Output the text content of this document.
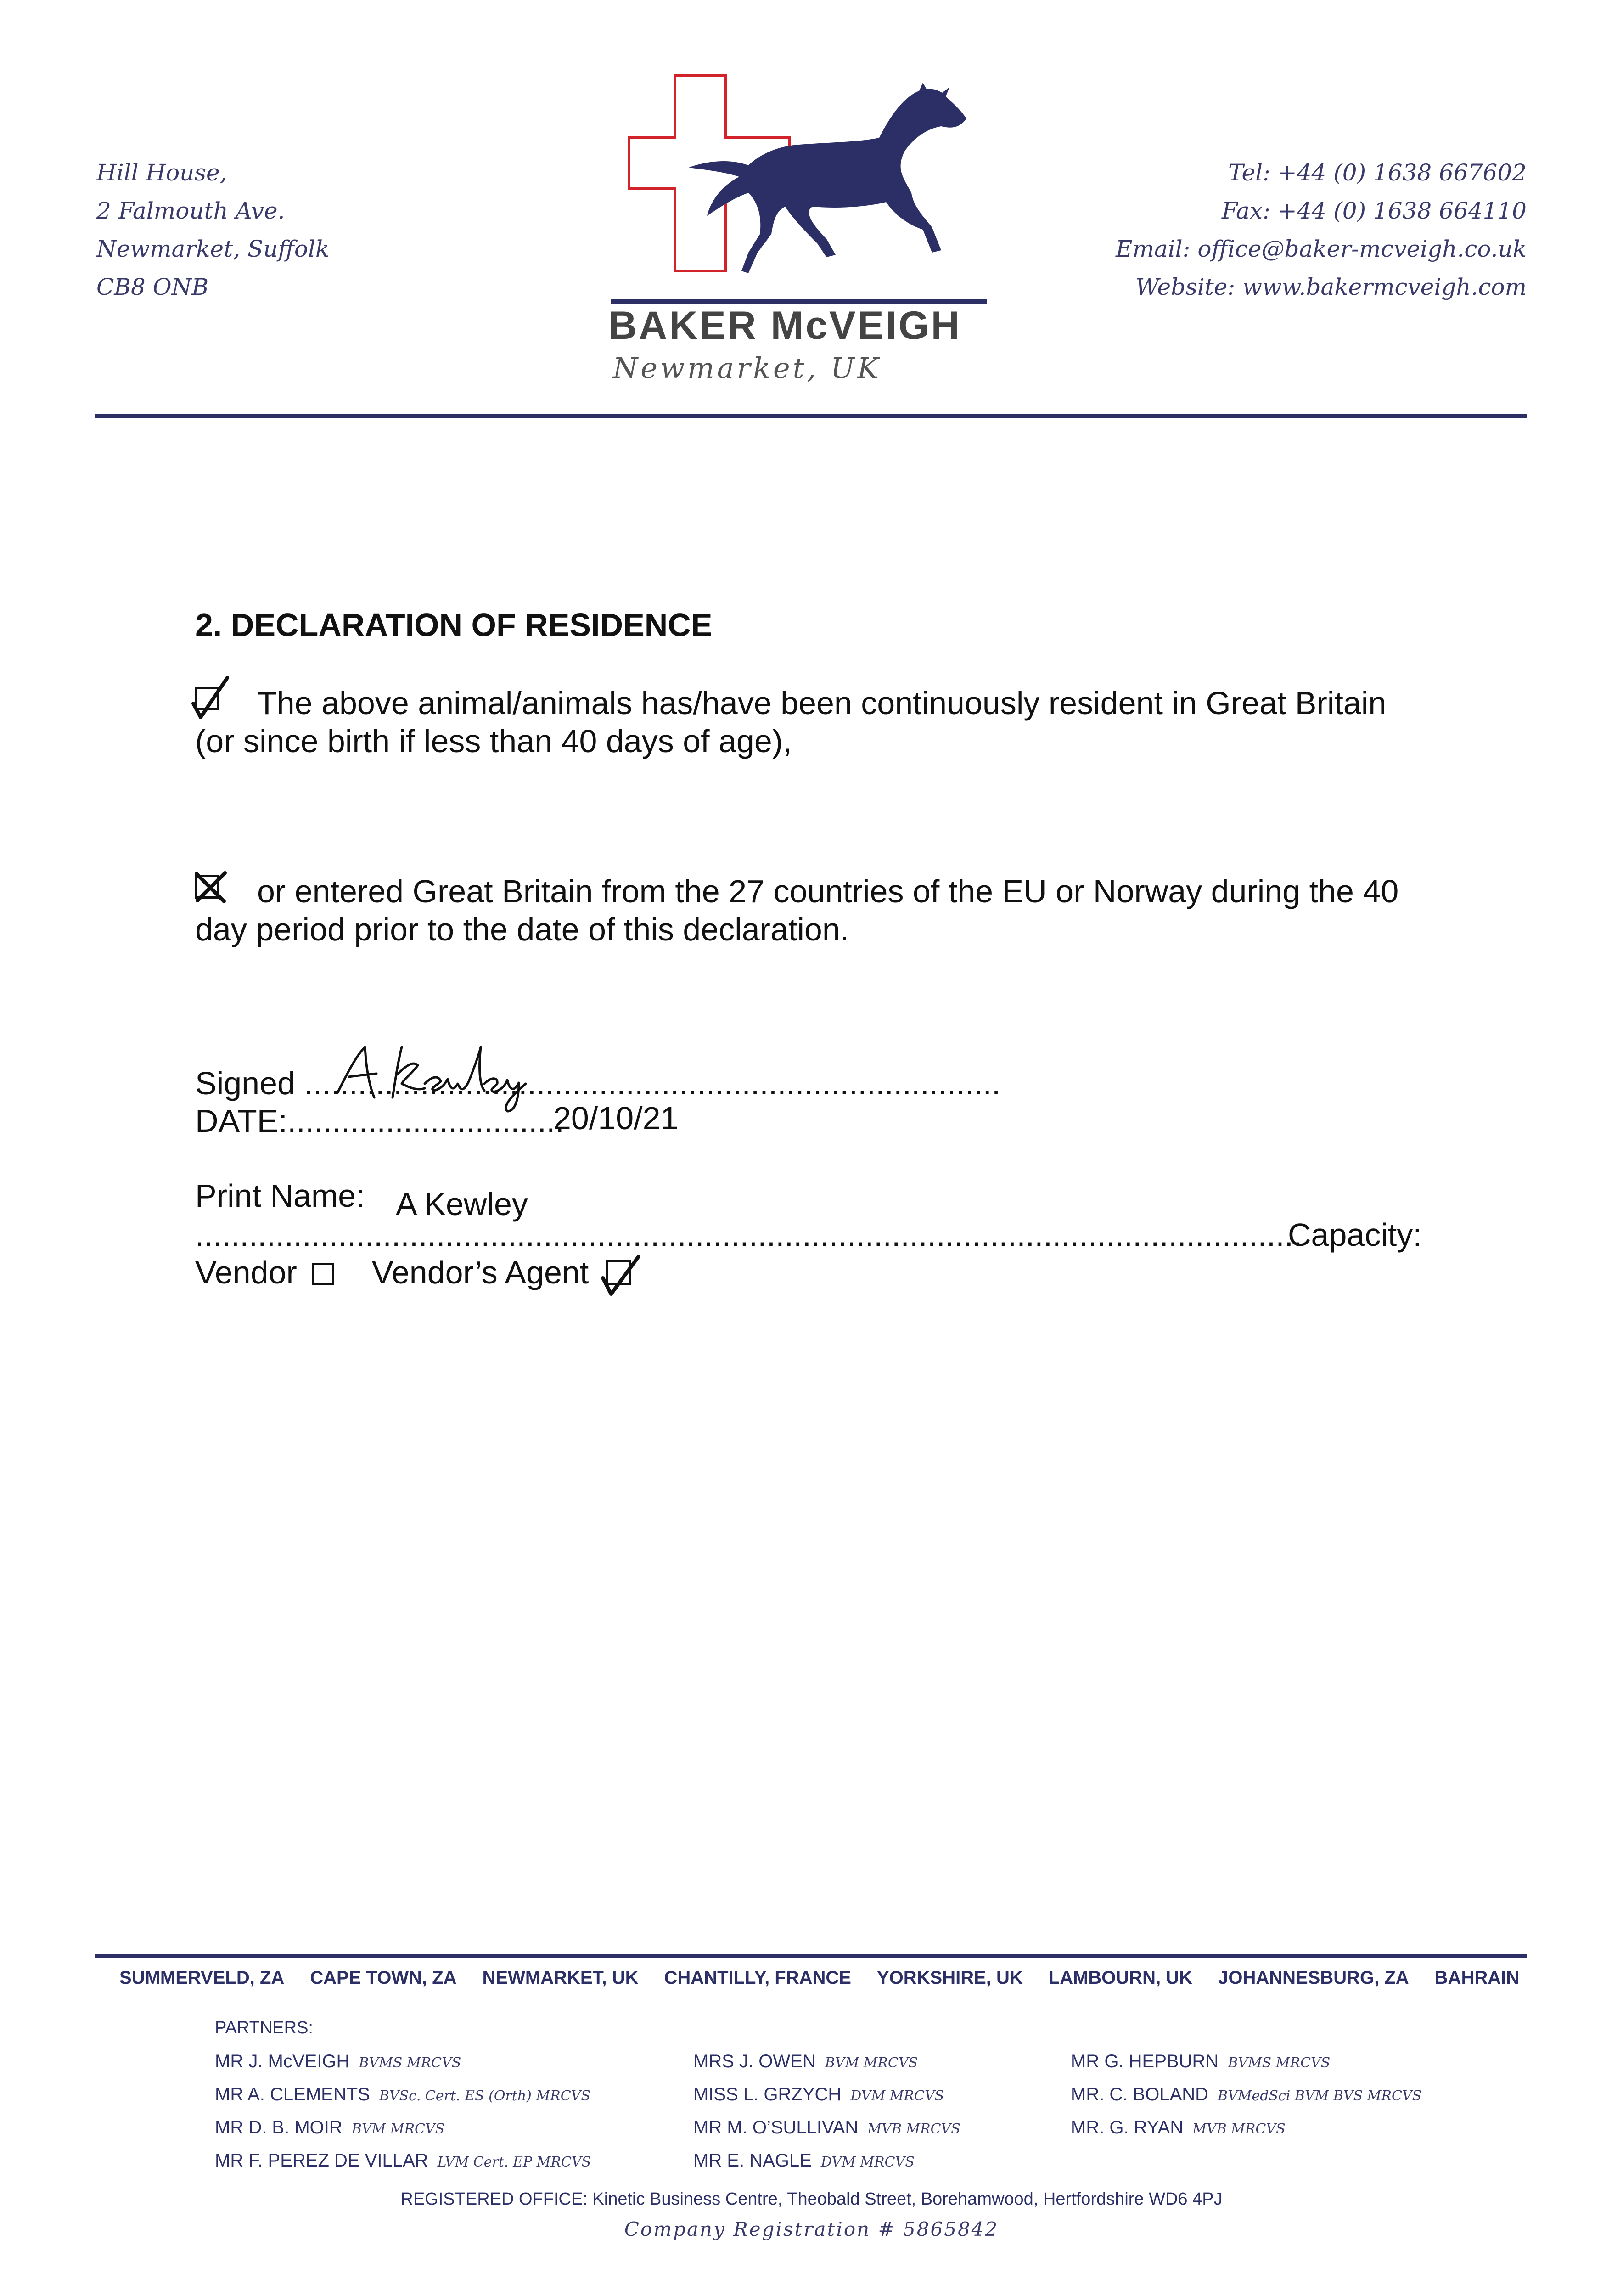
Hill House,
2 Falmouth Ave.
Newmarket, Suffolk
CB8 ONB
BAKER McVEIGH
Newmarket, UK
Tel: +44 (0) 1638 667602
Fax: +44 (0) 1638 664110
Email: office@baker-mcveigh.co.uk
Website: www.bakermcveigh.com
2. DECLARATION OF RESIDENCE
The above animal/animals has/have been continuously resident in Great Britain
(or since birth if less than 40 days of age),
or entered Great Britain from the 27 countries of the EU or Norway during the 40
day period prior to the date of this declaration.
Signed ..............................................................................
DATE:...............................
20/10/21
Print Name: A Kewley
............................................................................................................................
Capacity:
Vendor Vendor’s Agent
SUMMERVELD, ZA CAPE TOWN, ZA NEWMARKET, UK CHANTILLY, FRANCE YORKSHIRE, UK LAMBOURN, UK JOHANNESBURG, ZA BAHRAIN
PARTNERS:
MR J. McVEIGH BVMS MRCVS
MR A. CLEMENTS BVSc. Cert. ES (Orth) MRCVS
MR D. B. MOIR BVM MRCVS
MR F. PEREZ DE VILLAR LVM Cert. EP MRCVS
MRS J. OWEN BVM MRCVS
MISS L. GRZYCH DVM MRCVS
MR M. O’SULLIVAN MVB MRCVS
MR E. NAGLE DVM MRCVS
MR G. HEPBURN BVMS MRCVS
MR. C. BOLAND BVMedSci BVM BVS MRCVS
MR. G. RYAN MVB MRCVS
REGISTERED OFFICE: Kinetic Business Centre, Theobald Street, Borehamwood, Hertfordshire WD6 4PJ
Company Registration # 5865842
